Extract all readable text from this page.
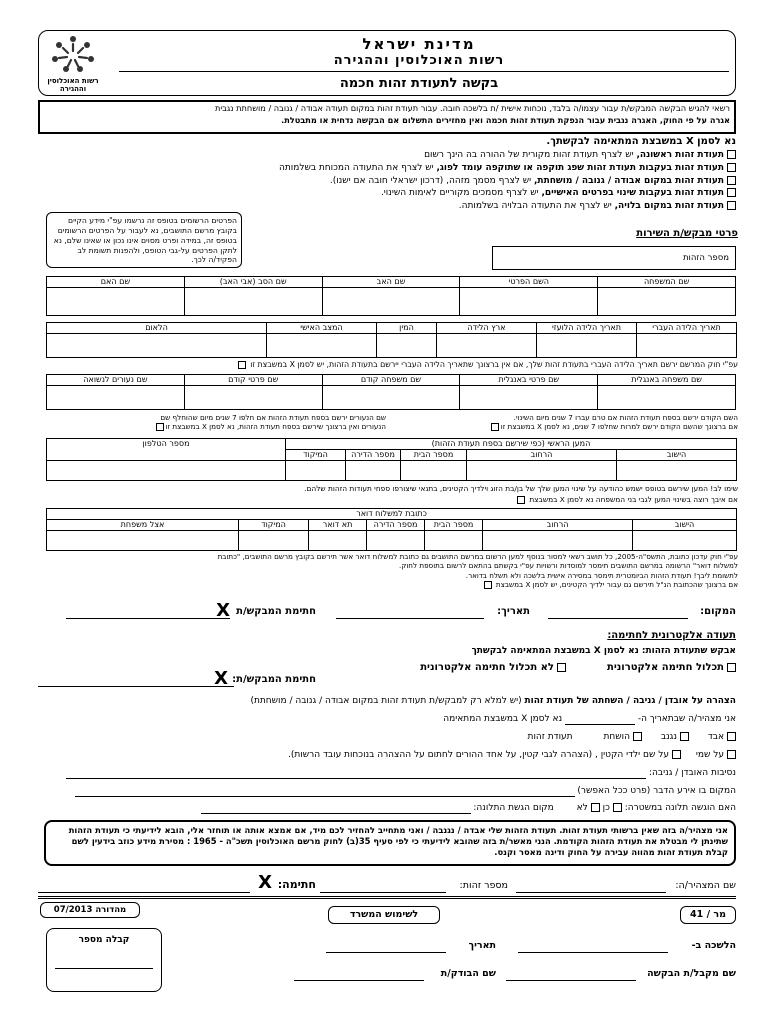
רשות האוכלוסין
וההגירה
מדינת ישראל
רשות האוכלוסין וההגירה
בקשה לתעודת זהות חכמה
רשאי להגיש הבקשה המבקש/ת עבור עצמו/ה בלבד, נוכחות אישית /ת בלשכה חובה. עבור תעודת זהות במקום תעודה אבודה / גנובה / מושחתת נגבית
אגרה על פי החוק, האגרה נגבית עבור הנפקת תעודת זהות חכמה ואין מחזירים התשלום אם הבקשה נדחית או מתבטלת.
נא לסמן X במשבצת המתאימה לבקשתך.
תעודת זהות ראשונה, יש לצרף תעודת זהות מקורית של ההורה בה הינך רשום
תעודת זהות בעקבות תעודת זהות שפג תוקפה או שתוקפה עומד לפוג, יש לצרף את התעודה המכוחת בשלמותה
תעודת זהות במקום אבודה / גנובה / מושחתת, יש לצרף מסמך מזהה, (דרכון ישראלי חובה אם ישנו).
תעודת זהות בעקבות שינוי בפרטים האישיים, יש לצרף מסמכים מקוריים לאימות השינוי.
תעודת זהות במקום בלויה, יש לצרף את התעודה הבלויה בשלמותה.
הפרטים הרשומים בטופס זה נרשמו עפ"י מידע הקיים בקובץ מרשם התושבים, נא לעבור על הפרטים הרשומים בטופס זה, במידה ופרט מסוים אינו נכון או שאינו שלם, נא לתקן הפרטים על-גבי הטופס, ולהפנות תשומת לב הפקיד/ה לכך.
פרטי מבקש/ת השירות
מספר הזהות
שם המשפחה	השם הפרטי	שם האב	שם הסב (אבי האב)	שם האם

תאריך הלידה העברי	תאריך הלידה הלועזי	ארץ הלידה	המין	המצב האישי	הלאום

עפ"י חוק המרשם ירשם תאריך הלידה העברי בתעודת זהות שלך, אם אין ברצונך שתאריך הלידה העברי יירשם בתעודת הזהות, יש לסמן X במשבצת זו
שם משפחה באנגלית	שם פרטי באנגלית	שם משפחה קודם	שם פרטי קודם	שם נעורים לנשואה

השם הקודם ירשם בספח תעודת הזהות אם טרם עברו 7 שנים מיום השינוי.
אם ברצונך שהשם הקודם ירשם למרות שחלפו 7 שנים, נא לסמן X במשבצת זו
שם הנעורים ירשם בספח תעודת הזהות אם חלפו 7 שנים מיום שהוחלף שם
הנעורים ואין ברצונך שירשם בספח תעודת הזהות, נא לסמן X במשבצת זו
המען הראשי (כפי שירשם בספח תעודת הזהות)					מספר הטלפון
הישוב	הרחוב	מספר הבית	מספר הדירה	המיקוד	

שימו לב! המען שירשם בטופס ישמש כהודעה על שינוי המען שלך של בן/בת הזוג וילדיך הקטינים, בתנאי שיצורפו ספחי תעודות הזהות שלהם.
אם איבך רוצה בשינוי המען לגבי בני המשפחה נא לסמן X במשבצת
כתובת למשלוח דואר						
הישוב	הרחוב	מספר הבית	מספר הדירה	תא דואר	המיקוד	אצל משפחת

עפ"י חוק עדכון כתובת, התשס"ה-2005, כל תושב רשאי למסור בנוסף למען הרשום במרשם התושבים גם כתובת למשלוח דואר אשר תירשם בקובץ מרשם התושבים, "כתובת
למשלוח דואר" הרשומה במרשם התושבים תימסר למוסדות ורשויות עפ"י בקשתם בהתאם לרשום בתוספת לחוק.
לתשומת ליבך! תעודת הזהות הביומטרית תימסר במסירה אישית בלשכה ולא תשלח בדואר.
אם ברצונך שהכתובת הנ"ל תירשם גם עבור ילדיך הקטינים, יש לסמן X במשבצת
המקום:
תאריך:
חתימת המבקש/ת
X
תעודה אלקטרונית לחתימה:
אבקש שתעודת הזהות: נא לסמן X במשבצת המתאימה לבקשתך
תכלול חתימה אלקטרונית
לא תכלול חתימה אלקטרונית
חתימת המבקש/ת:
X
הצהרה על אובדן / גניבה / השחתה של תעודת זהות (יש למלא רק למבקש/ת תעודת זהות במקום אבודה / גנובה / מושחתת)
אני מצהיר/ה שבתאריך ה-  נא לסמן X במשבצת המתאימה
אבד נגנב הושחת תעודת זהות
על שמי על שם ילדי הקטין , (הצהרה לגבי קטין, על אחד ההורים לחתום על ההצהרה בנוכחות עובד הרשות).
נסיבות האובדן / גניבה:
המקום בו אירע הדבר (פרט ככל האפשר)
האם הוגשה תלונה במשטרה: כן לא מקום הגשת התלונה:
אני מצהיר/ה בזה שאין ברשותי תעודת זהות. תעודת הזהות שלי אבדה / נגנבה / ואני מתחייב להחזיר לכם מיד, אם אמצא אותה או תוחזר אלי, הובא לידיעתי כי תעודת הזהות שתינתן לי מבטלת את תעודת הזהות הקודמת. הנני מאשר/ת בזה שהובא לידיעתי כי לפי סעיף 35(ב) לחוק מרשם האוכלוסין תשכ"ה - 1965 : מסירת מידע כוזב בידעין לשם קבלת תעודת זהות מהווה עבירה על החוק ודינה מאסר וקנס.
שם המצהיר/ה:
מספר זהות:
חתימה:
X
מר / 41
לשימוש המשרד
מהדורה 07/2013
הלשכה ב-
תאריך
קבלה מספר
שם מקבל/ת הבקשה
שם הבודק/ת
